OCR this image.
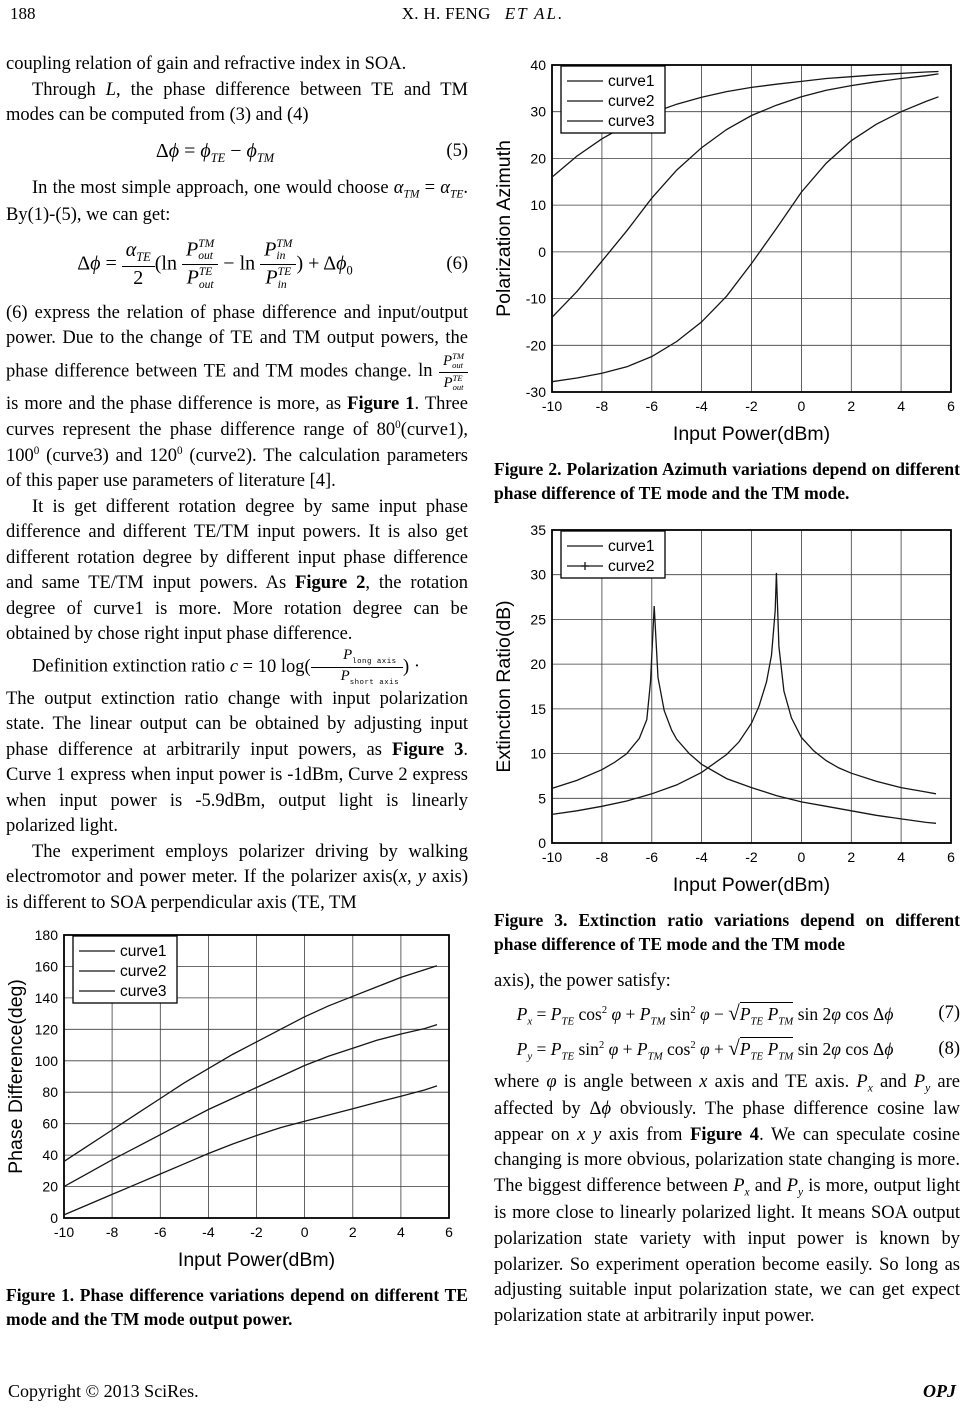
188	X. H. FENG ET AL.

coupling relation of gain and refractive index in SOA.

Through L, the phase difference between TE and TM modes can be computed from (3) and (4)

$\Delta\phi = \phi_{TE} - \phi_{TM}$	(5)

In the most simple approach, one would choose $\alpha_{TM} = \alpha_{TE}$. By(1)-(5), we can get:

Δϕ =
$\alpha_{TE}$
2
(ln
P TM
out
P TE
out
− ln
P TM
in
P TE
in
) + $\Delta\phi_0$	(6)

(6) express the relation of phase difference and input/output power. Due to the change of TE and TM output powers, the phase difference between TE and TM modes change. ln
P TM
out
P TE
out
is more and the phase difference is more, as Figure 1. Three curves represent the phase difference range of $80^0(curve1)$, $100^0$ (curve3) and $120^0$ (curve2). The calculation parameters of this paper use parameters of literature [4].

It is get different rotation degree by same input phase difference and different TE/TM input powers. It is also get different rotation degree by different input phase difference and same TE/TM input powers. As Figure 2, the rotation degree of curve1 is more. More rotation degree can be obtained by chose right input phase difference.

Definition extinction ratio c = 10 log(
$P_{long axis}$
$P_{short axis}$
) ·

The output extinction ratio change with input polarization state. The linear output can be obtained by adjusting input phase difference at arbitrarily input powers, as Figure 3. Curve 1 express when input power is -1dBm, Curve 2 express when input power is -5.9dBm, output light is linearly polarized light.

The experiment employs polarizer driving by walking electromotor and power meter. If the polarizer axis(x, y axis) is different to SOA perpendicular axis (TE, TM

-10 -8	-6	-4	-2	0	2	4	6
0
20
40
60
80
100
120
140
160
180
Input Power(dBm)
Phase Difference(deg)
curve1
curve2
curve3
Figure 1. Phase difference variations depend on different TE mode and the TM mode output power.
-10 -8	-6	-4	-2	0	2	4	6
-30
-20
-10
0
10
20
30
40
Input Power(dBm)
Polarization Azimuth
curve1
curve2
curve3
Figure 2. Polarization Azimuth variations depend on different phase difference of TE mode and the TM mode.
-10 -8	-6	-4	-2	0	2	4	6
0
5
10
15
20
25
30
35
Input Power(dBm)
Extinction Ratio(dB)
curve1
curve2
Figure 3. Extinction ratio variations depend on different phase difference of TE mode and the TM mode

axis), the power satisfy:

$P_x = P_{TE}$ $\cos^2 \varphi + P_{TM}$ $\sin^2 \varphi - √P_{TE}$ $P_{TM}$ sin 2φ cos Δϕ	(7)
$P_y = P_{TE}$ $\sin^2 \varphi + P_{TM}$ $\cos^2 \varphi + √P_{TE}$ $P_{TM}$ sin 2φ cos Δϕ	(8)

where φ is angle between x axis and TE axis. $P_x$ and $P_y$ are affected by Δϕ obviously. The phase difference cosine law appear on x y axis from Figure 4. We can speculate cosine changing is more obvious, polarization state changing is more. The biggest difference between $P_x$ and $P_y$ is more, output light is more close to linearly polarized light. It means SOA output polarization state variety with input power is known by polarizer. So experiment operation become easily. So long as adjusting suitable input polarization state, we can get expect polarization state at arbitrarily input power.

Copyright © 2013 SciRes.	OPJ
